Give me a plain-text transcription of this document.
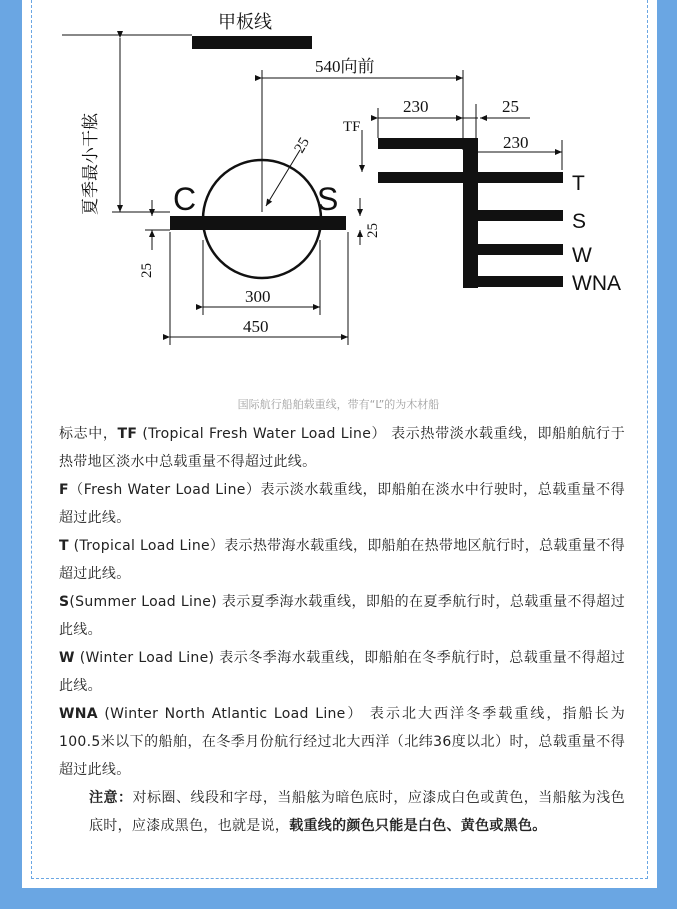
甲板线
夏季最小干舷
540向前
230	25
230
25
TF
C	S
25
25
300
450
T
S
W
WNA
国际航行船舶载重线，带有“L”的为木材船

标志中，TF (Tropical Fresh Water Load Line） 表示热带淡水载重线，即船舶航行于热带地区淡水中总载重量不得超过此线。

F（Fresh Water Load Line）表示淡水载重线，即船舶在淡水中行驶时，总载重量不得超过此线。

T (Tropical Load Line）表示热带海水载重线，即船舶在热带地区航行时，总载重量不得超过此线。

S(Summer Load Line) 表示夏季海水载重线，即船的在夏季航行时，总载重量不得超过此线。

W (Winter Load Line) 表示冬季海水载重线，即船舶在冬季航行时，总载重量不得超过此线。

WNA (Winter North Atlantic Load Line） 表示北大西洋冬季载重线，指船长为100.5米以下的船舶，在冬季月份航行经过北大西洋（北纬36度以北）时，总载重量不得超过此线。

注意：对标圈、线段和字母，当船舷为暗色底时，应漆成白色或黄色，当船舷为浅色底时，应漆成黑色，也就是说，载重线的颜色只能是白色、黄色或黑色。
